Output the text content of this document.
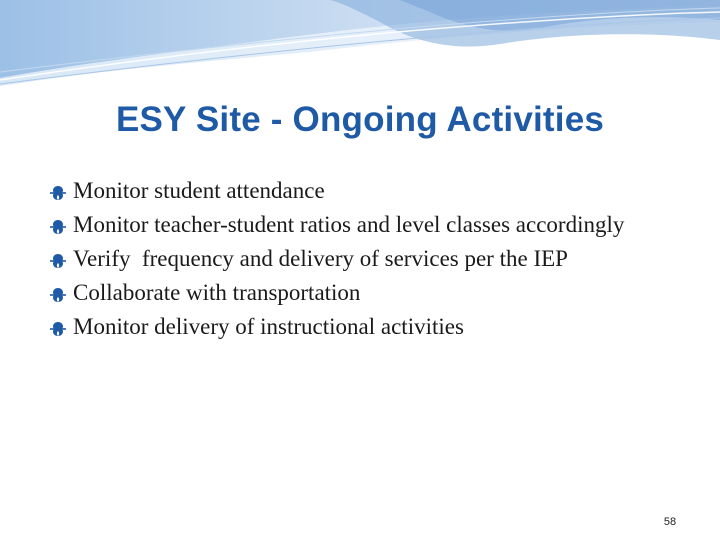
ESY Site - Ongoing Activities
Monitor student attendance
Monitor teacher-student ratios and level classes accordingly
Verify  frequency and delivery of services per the IEP
Collaborate with transportation
Monitor delivery of instructional activities
58
